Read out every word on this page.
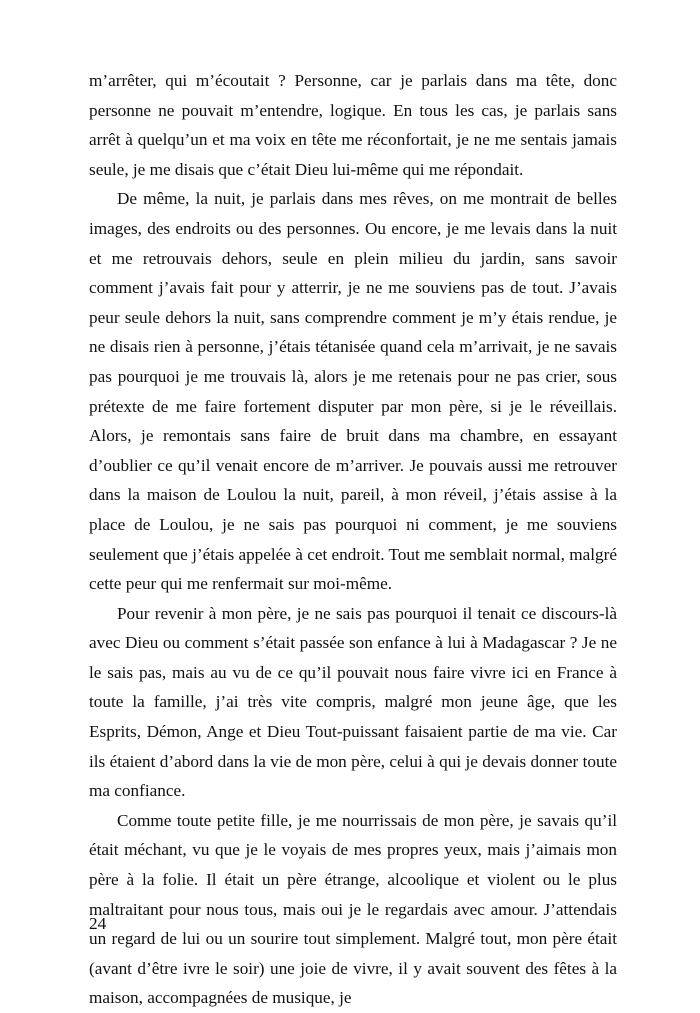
m’arrêter, qui m’écoutait ? Personne, car je parlais dans ma tête, donc personne ne pouvait m’entendre, logique. En tous les cas, je parlais sans arrêt à quelqu’un et ma voix en tête me réconfortait, je ne me sentais jamais seule, je me disais que c’était Dieu lui-même qui me répondait.

De même, la nuit, je parlais dans mes rêves, on me montrait de belles images, des endroits ou des personnes. Ou encore, je me levais dans la nuit et me retrouvais dehors, seule en plein milieu du jardin, sans savoir comment j’avais fait pour y atterrir, je ne me souviens pas de tout. J’avais peur seule dehors la nuit, sans comprendre comment je m’y étais rendue, je ne disais rien à personne, j’étais tétanisée quand cela m’arrivait, je ne savais pas pourquoi je me trouvais là, alors je me retenais pour ne pas crier, sous prétexte de me faire fortement disputer par mon père, si je le réveillais. Alors, je remontais sans faire de bruit dans ma chambre, en essayant d’oublier ce qu’il venait encore de m’arriver. Je pouvais aussi me retrouver dans la maison de Loulou la nuit, pareil, à mon réveil, j’étais assise à la place de Loulou, je ne sais pas pourquoi ni comment, je me souviens seulement que j’étais appelée à cet endroit. Tout me semblait normal, malgré cette peur qui me renfermait sur moi-même.

Pour revenir à mon père, je ne sais pas pourquoi il tenait ce discours-là avec Dieu ou comment s’était passée son enfance à lui à Madagascar ? Je ne le sais pas, mais au vu de ce qu’il pouvait nous faire vivre ici en France à toute la famille, j’ai très vite compris, malgré mon jeune âge, que les Esprits, Démon, Ange et Dieu Tout-puissant faisaient partie de ma vie. Car ils étaient d’abord dans la vie de mon père, celui à qui je devais donner toute ma confiance.

Comme toute petite fille, je me nourrissais de mon père, je savais qu’il était méchant, vu que je le voyais de mes propres yeux, mais j’aimais mon père à la folie. Il était un père étrange, alcoolique et violent ou le plus maltraitant pour nous tous, mais oui je le regardais avec amour. J’attendais un regard de lui ou un sourire tout simplement. Malgré tout, mon père était (avant d’être ivre le soir) une joie de vivre, il y avait souvent des fêtes à la maison, accompagnées de musique, je

24
